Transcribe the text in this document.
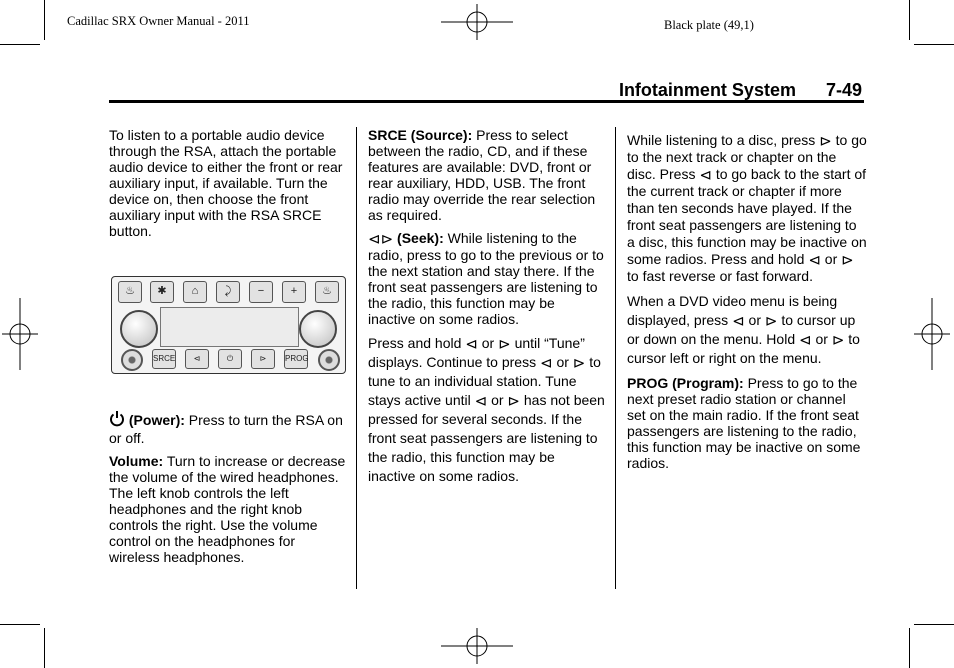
Cadillac SRX Owner Manual - 2011	Black plate (49,1)
Infotainment System 7-49

To listen to a portable audio device through the RSA, attach the portable audio device to either the front or rear auxiliary input, if available. Turn the device on, then choose the front auxiliary input with the RSA SRCE button.

♨	✱	⌂	⤸	−	+	♨
SRCE	⊲	⏻	⊳	PROG

(Power): Press to turn the RSA on or off.

Volume: Turn to increase or decrease the volume of the wired headphones. The left knob controls the left headphones and the right knob controls the right. Use the volume control on the headphones for wireless headphones.

SRCE (Source): Press to select between the radio, CD, and if these features are available: DVD, front or rear auxiliary, HDD, USB. The front radio may override the rear selection as required.

⊲⊳ (Seek): While listening to the radio, press to go to the previous or to the next station and stay there. If the front seat passengers are listening to the radio, this function may be inactive on some radios.

Press and hold ⊲ or ⊳ until “Tune” displays. Continue to press ⊲ or ⊳ to tune to an individual station. Tune stays active until ⊲ or ⊳ has not been pressed for several seconds. If the front seat passengers are listening to the radio, this function may be inactive on some radios.

While listening to a disc, press ⊳ to go to the next track or chapter on the disc. Press ⊲ to go back to the start of the current track or chapter if more than ten seconds have played. If the front seat passengers are listening to a disc, this function may be inactive on some radios. Press and hold ⊲ or ⊳ to fast reverse or fast forward.

When a DVD video menu is being displayed, press ⊲ or ⊳ to cursor up or down on the menu. Hold ⊲ or ⊳ to cursor left or right on the menu.

PROG (Program): Press to go to the next preset radio station or channel set on the main radio. If the front seat passengers are listening to the radio, this function may be inactive on some radios.
